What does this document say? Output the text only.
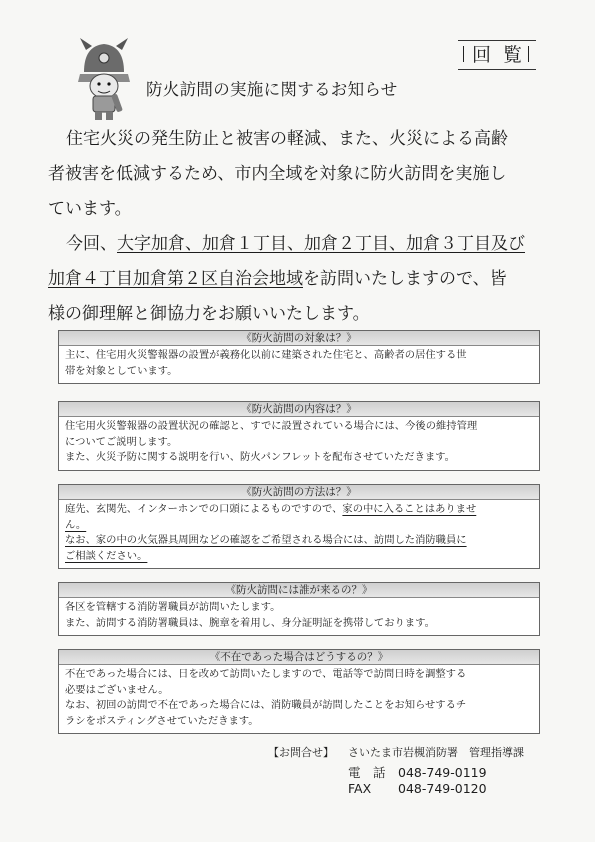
回覧
防火訪問の実施に関するお知らせ
住宅火災の発生防止と被害の軽減、また、火災による高齢
者被害を低減するため、市内全域を対象に防火訪問を実施し
ています。
今回、大字加倉、加倉１丁目、加倉２丁目、加倉３丁目及び
加倉４丁目加倉第２区自治会地域を訪問いたしますので、皆
様の御理解と御協力をお願いいたします。
《防火訪問の対象は？》
主に、住宅用火災警報器の設置が義務化以前に建築された住宅と、高齢者の居住する世
帯を対象としています。
《防火訪問の内容は？》
住宅用火災警報器の設置状況の確認と、すでに設置されている場合には、今後の維持管理
についてご説明します。
また、火災予防に関する説明を行い、防火パンフレットを配布させていただきます。
《防火訪問の方法は？》
庭先、玄関先、インターホンでの口頭によるものですので、家の中に入ることはありませ
ん。
なお、家の中の火気器具周囲などの確認をご希望される場合には、訪問した消防職員に
ご相談ください。
《防火訪問には誰が来るの？》
各区を管轄する消防署職員が訪問いたします。
また、訪問する消防署職員は、腕章を着用し、身分証明証を携帯しております。
《不在であった場合はどうするの？》
不在であった場合には、日を改めて訪問いたしますので、電話等で訪問日時を調整する
必要はございません。
なお、初回の訪問で不在であった場合には、消防職員が訪問したことをお知らせするチ
ラシをポスティングさせていただきます。
【お問合せ】 さいたま市岩槻消防署　管理指導課
電　話 048-749-0119
FAX 048-749-0120
